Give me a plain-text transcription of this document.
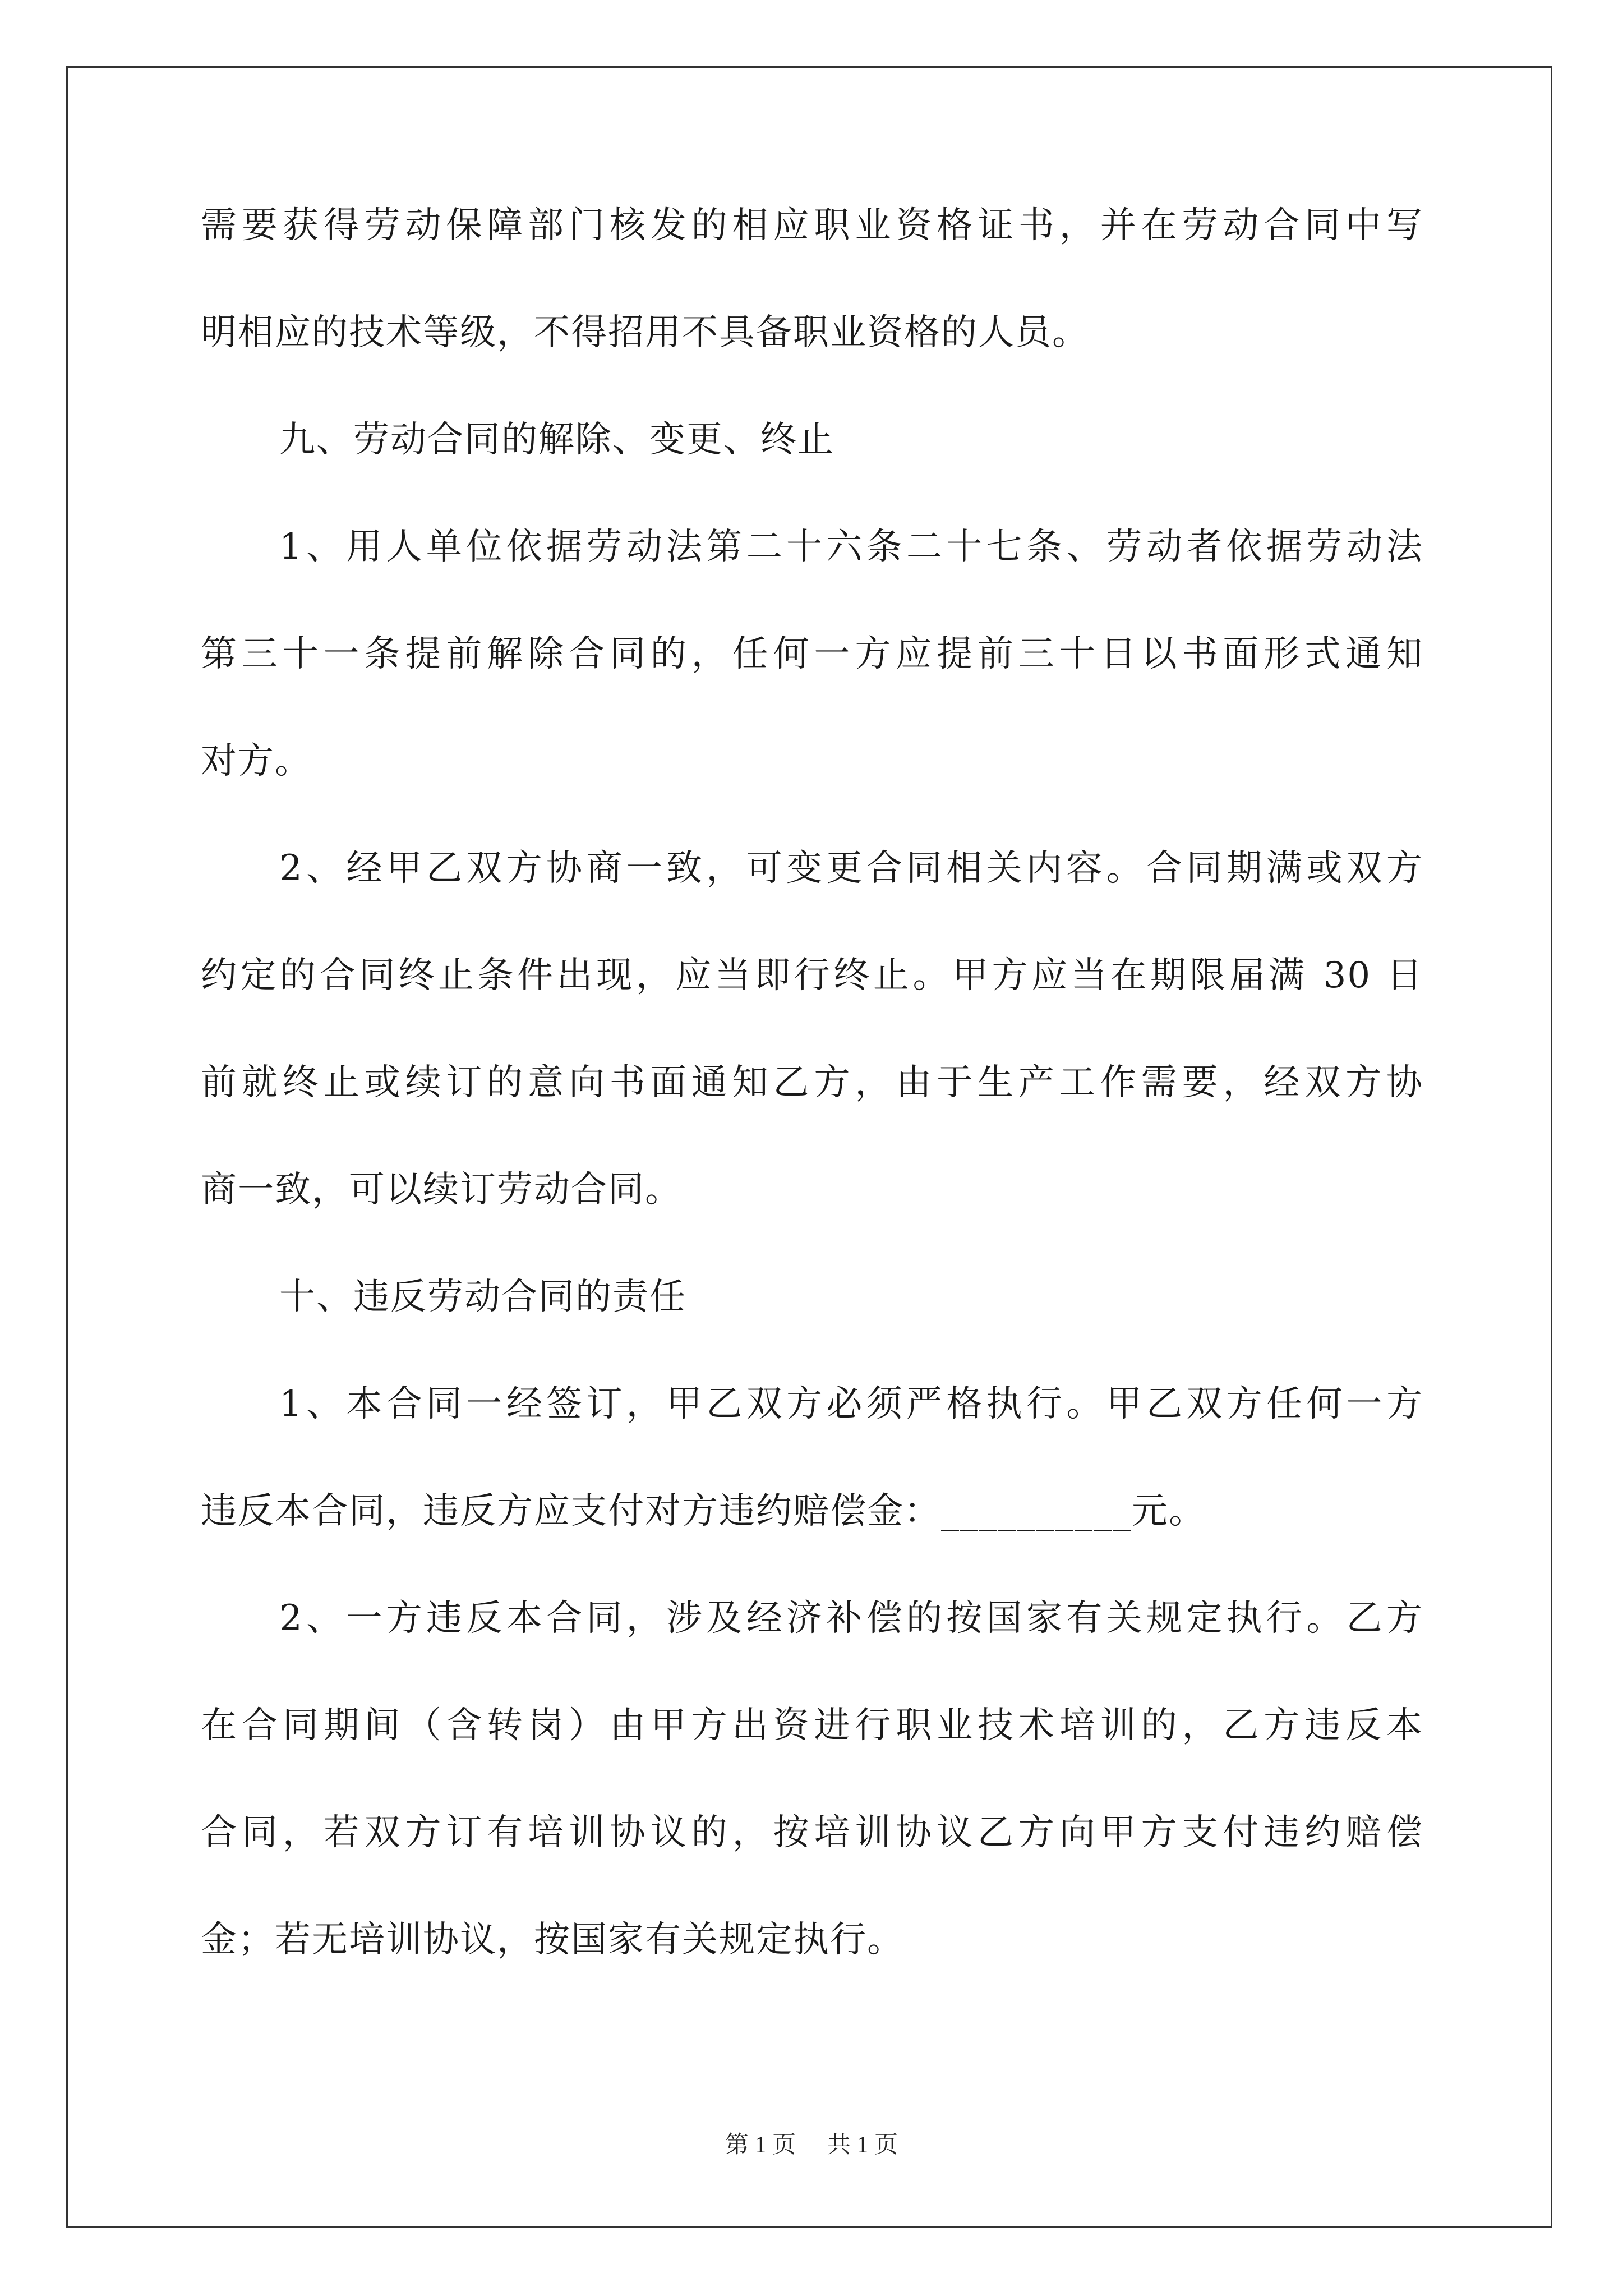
需要获得劳动保障部门核发的相应职业资格证书，并在劳动合同中写

明相应的技术等级，不得招用不具备职业资格的人员。

九、劳动合同的解除、变更、终止

1、用人单位依据劳动法第二十六条二十七条、劳动者依据劳动法

第三十一条提前解除合同的，任何一方应提前三十日以书面形式通知

对方。

2、经甲乙双方协商一致，可变更合同相关内容。合同期满或双方

约定的合同终止条件出现，应当即行终止。甲方应当在期限届满 30 日

前就终止或续订的意向书面通知乙方，由于生产工作需要，经双方协

商一致，可以续订劳动合同。

十、违反劳动合同的责任

1、本合同一经签订，甲乙双方必须严格执行。甲乙双方任何一方

违反本合同，违反方应支付对方违约赔偿金：__________元。

2、一方违反本合同，涉及经济补偿的按国家有关规定执行。乙方

在合同期间（含转岗）由甲方出资进行职业技术培训的，乙方违反本

合同，若双方订有培训协议的，按培训协议乙方向甲方支付违约赔偿

金；若无培训协议，按国家有关规定执行。

第 1 页 共 1 页
